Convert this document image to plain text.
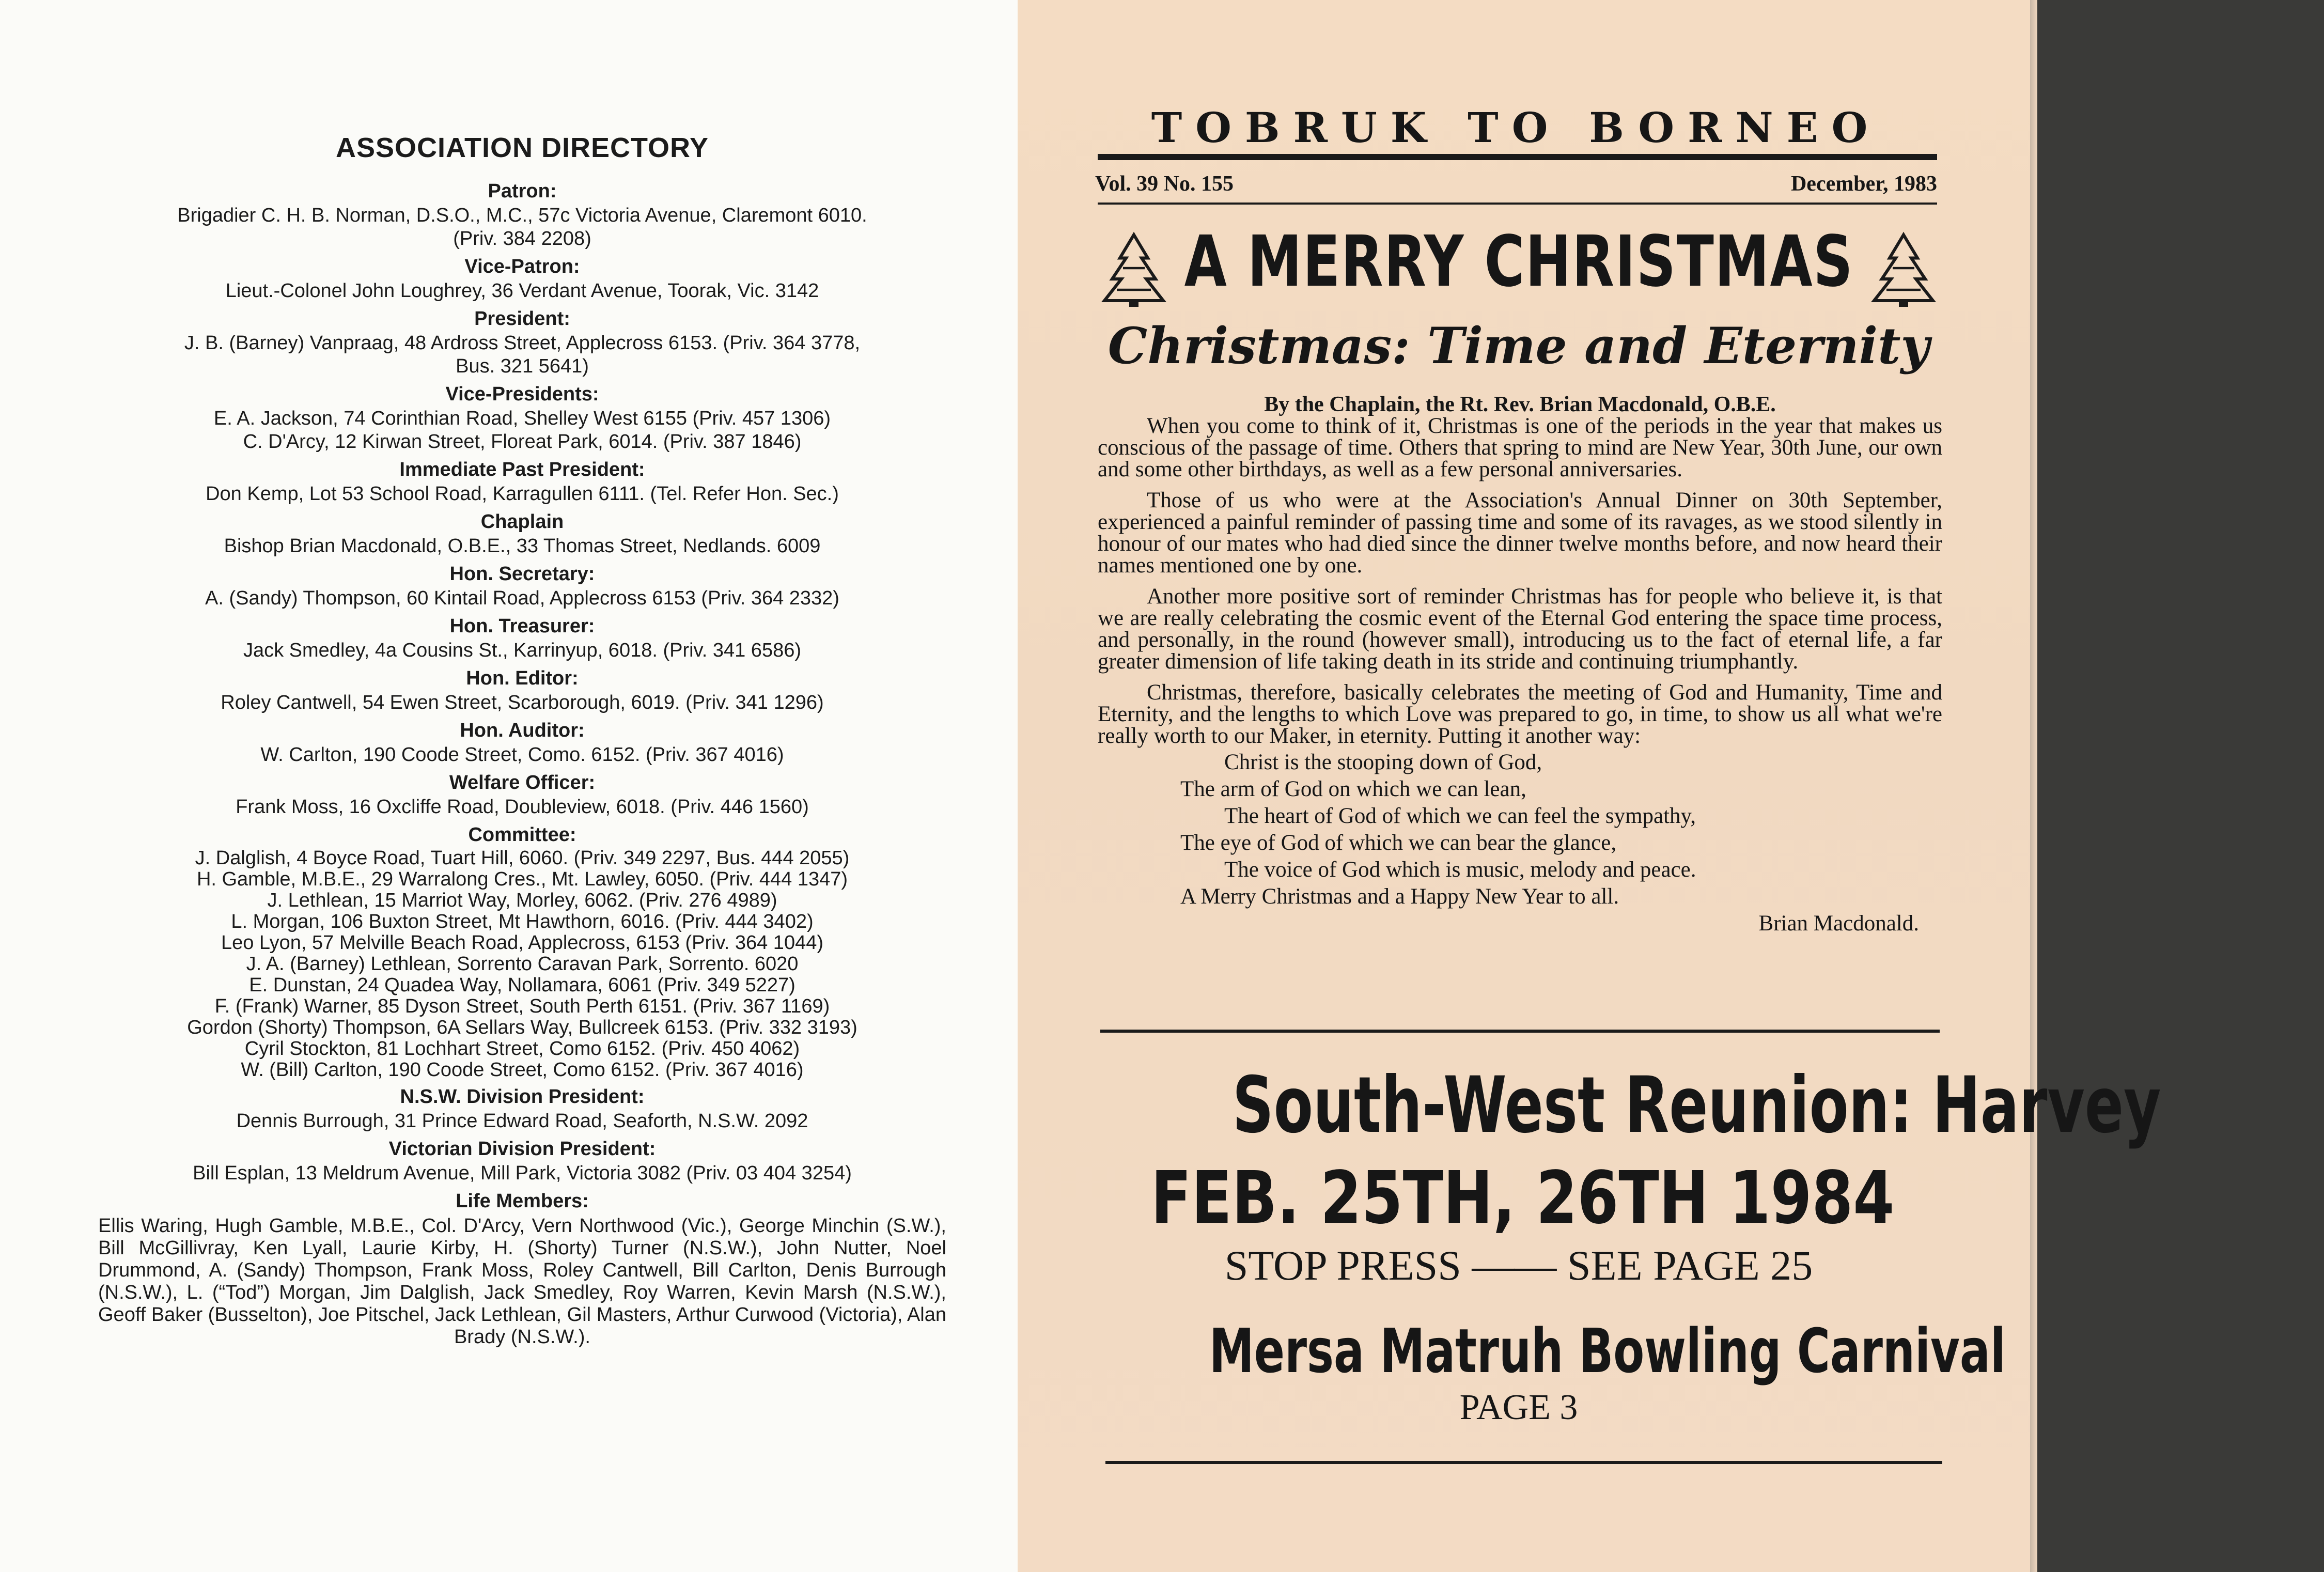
ASSOCIATION DIRECTORY
Patron:
Brigadier C. H. B. Norman, D.S.O., M.C., 57c Victoria Avenue, Claremont 6010.
(Priv. 384 2208)
Vice-Patron:
Lieut.-Colonel John Loughrey, 36 Verdant Avenue, Toorak, Vic. 3142
President:
J. B. (Barney) Vanpraag, 48 Ardross Street, Applecross 6153. (Priv. 364 3778,
Bus. 321 5641)
Vice-Presidents:
E. A. Jackson, 74 Corinthian Road, Shelley West 6155 (Priv. 457 1306)
C. D'Arcy, 12 Kirwan Street, Floreat Park, 6014. (Priv. 387 1846)
Immediate Past President:
Don Kemp, Lot 53 School Road, Karragullen 6111. (Tel. Refer Hon. Sec.)
Chaplain
Bishop Brian Macdonald, O.B.E., 33 Thomas Street, Nedlands. 6009
Hon. Secretary:
A. (Sandy) Thompson, 60 Kintail Road, Applecross 6153 (Priv. 364 2332)
Hon. Treasurer:
Jack Smedley, 4a Cousins St., Karrinyup, 6018. (Priv. 341 6586)
Hon. Editor:
Roley Cantwell, 54 Ewen Street, Scarborough, 6019. (Priv. 341 1296)
Hon. Auditor:
W. Carlton, 190 Coode Street, Como. 6152. (Priv. 367 4016)
Welfare Officer:
Frank Moss, 16 Oxcliffe Road, Doubleview, 6018. (Priv. 446 1560)
Committee:
J. Dalglish, 4 Boyce Road, Tuart Hill, 6060. (Priv. 349 2297, Bus. 444 2055)
H. Gamble, M.B.E., 29 Warralong Cres., Mt. Lawley, 6050. (Priv. 444 1347)
J. Lethlean, 15 Marriot Way, Morley, 6062. (Priv. 276 4989)
L. Morgan, 106 Buxton Street, Mt Hawthorn, 6016. (Priv. 444 3402)
Leo Lyon, 57 Melville Beach Road, Applecross, 6153 (Priv. 364 1044)
J. A. (Barney) Lethlean, Sorrento Caravan Park, Sorrento. 6020
E. Dunstan, 24 Quadea Way, Nollamara, 6061 (Priv. 349 5227)
F. (Frank) Warner, 85 Dyson Street, South Perth 6151. (Priv. 367 1169)
Gordon (Shorty) Thompson, 6A Sellars Way, Bullcreek 6153. (Priv. 332 3193)
Cyril Stockton, 81 Lochhart Street, Como 6152. (Priv. 450 4062)
W. (Bill) Carlton, 190 Coode Street, Como 6152. (Priv. 367 4016)
N.S.W. Division President:
Dennis Burrough, 31 Prince Edward Road, Seaforth, N.S.W. 2092
Victorian Division President:
Bill Esplan, 13 Meldrum Avenue, Mill Park, Victoria 3082 (Priv. 03 404 3254)
Life Members:
Ellis Waring, Hugh Gamble, M.B.E., Col. D'Arcy, Vern Northwood (Vic.), George Minchin (S.W.), Bill McGillivray, Ken Lyall, Laurie Kirby, H. (Shorty) Turner (N.S.W.), John Nutter, Noel Drummond, A. (Sandy) Thompson, Frank Moss, Roley Cantwell, Bill Carlton, Denis Burrough (N.S.W.), L. (“Tod”) Morgan, Jim Dalglish, Jack Smedley, Roy Warren, Kevin Marsh (N.S.W.), Geoff Baker (Busselton), Joe Pitschel, Jack Lethlean, Gil Masters, Arthur Curwood (Victoria), Alan Brady (N.S.W.).
TOBRUK TO BORNEO
Vol. 39 No. 155	December, 1983
A MERRY CHRISTMAS
Christmas: Time and Eternity
By the Chaplain, the Rt. Rev. Brian Macdonald, O.B.E.

When you come to think of it, Christmas is one of the periods in the year that makes us conscious of the passage of time. Others that spring to mind are New Year, 30th June, our own and some other birthdays, as well as a few personal anniversaries.

Those of us who were at the Association's Annual Dinner on 30th September, experienced a painful reminder of passing time and some of its ravages, as we stood silently in honour of our mates who had died since the dinner twelve months before, and now heard their names mentioned one by one.

Another more positive sort of reminder Christmas has for people who believe it, is that we are really celebrating the cosmic event of the Eternal God entering the space time process, and personally, in the round (however small), introducing us to the fact of eternal life, a far greater dimension of life taking death in its stride and continuing triumphantly.

Christmas, therefore, basically celebrates the meeting of God and Humanity, Time and Eternity, and the lengths to which Love was prepared to go, in time, to show us all what we're really worth to our Maker, in eternity. Putting it another way:

Christ is the stooping down of God,
The arm of God on which we can lean,
The heart of God of which we can feel the sympathy,
The eye of God of which we can bear the glance,
The voice of God which is music, melody and peace.
A Merry Christmas and a Happy New Year to all.
Brian Macdonald.
South-West Reunion: Harvey
FEB. 25TH, 26TH 1984
STOP PRESS —— SEE PAGE 25
Mersa Matruh Bowling Carnival
PAGE 3
